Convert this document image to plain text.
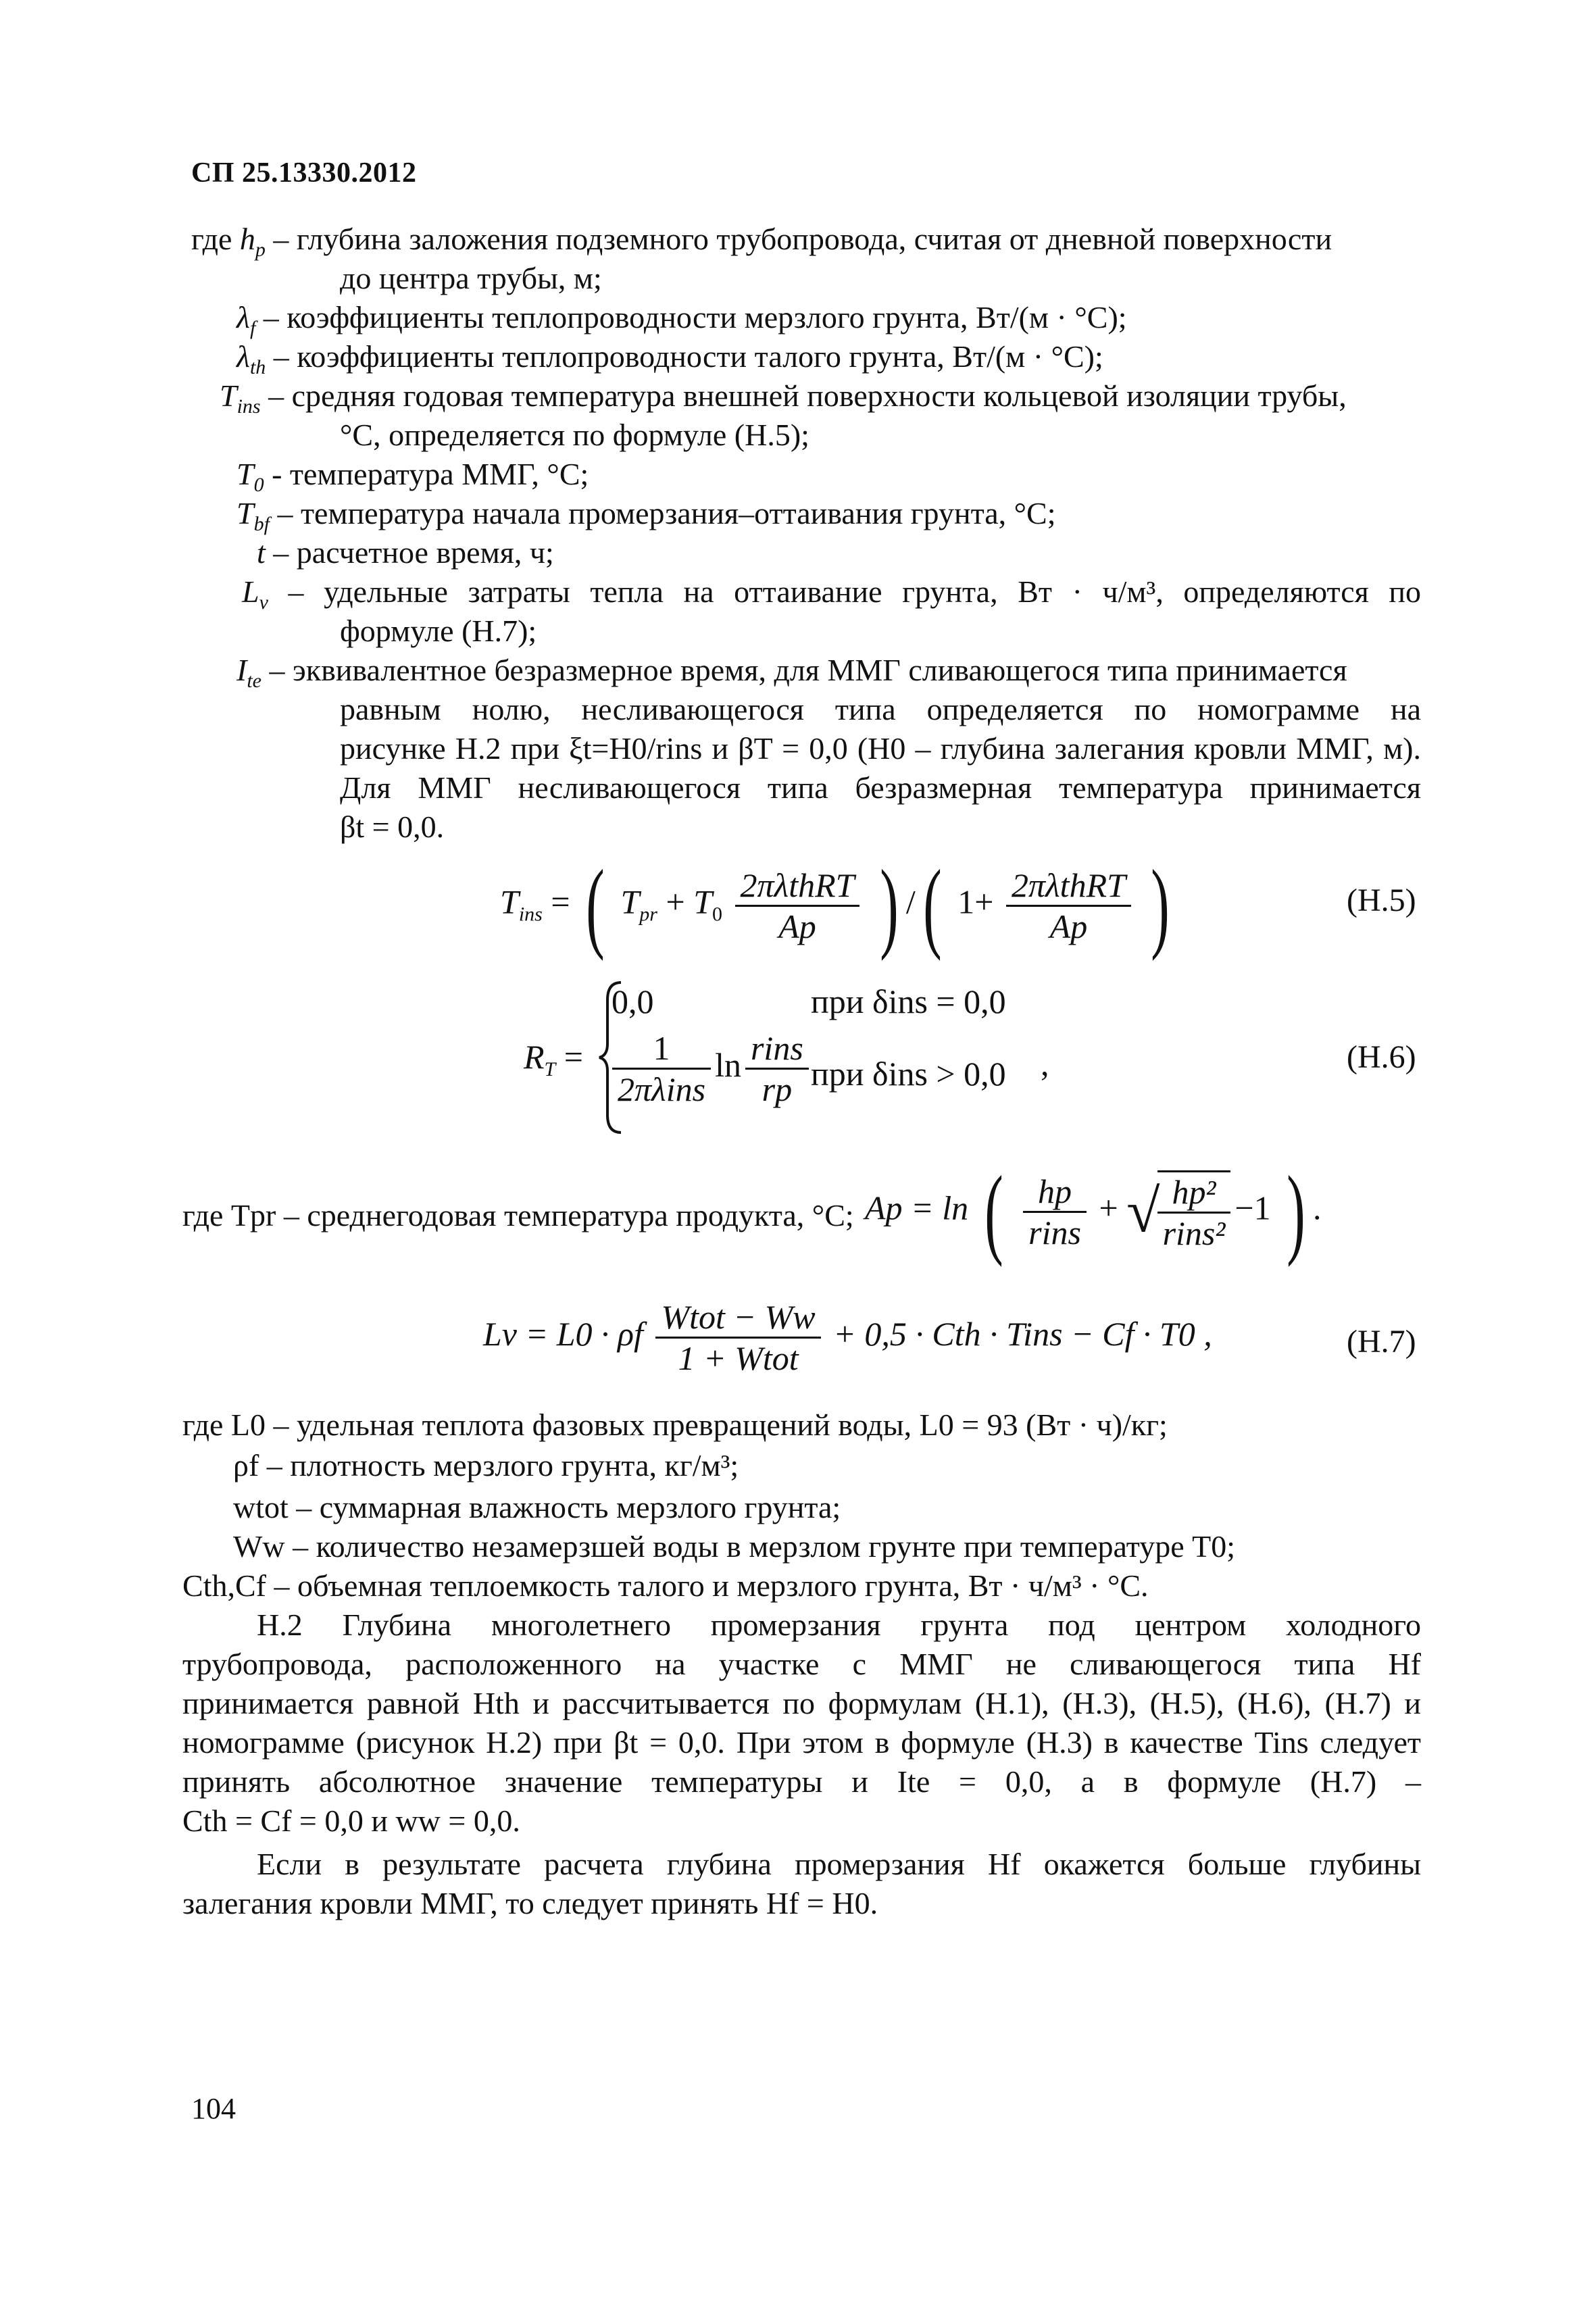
СП 25.13330.2012
где $h_p$ – глубина заложения подземного трубопровода, считая от дневной поверхности
до центра трубы, м;
$\lambda_f$ – коэффициенты теплопроводности мерзлого грунта, Вт/(м · °С);
$\lambda_{th}$ – коэффициенты теплопроводности талого грунта, Вт/(м · °С);
$T_{ins}$ – средняя годовая температура внешней поверхности кольцевой изоляции трубы,
°С, определяется по формуле (Н.5);
$T_0$ - температура ММГ, °С;
$T_{bf}$ – температура начала промерзания–оттаивания грунта, °С;
t – расчетное время, ч;
$L_v$ – удельные затраты тепла на оттаивание грунта, Вт · ч/м³, определяются по
формуле (Н.7);
$I_{te}$ – эквивалентное безразмерное время, для ММГ сливающегося типа принимается
равным нолю, несливающегося типа определяется по номограмме на
рисунке Н.2 при ξt=H0/rins и βT = 0,0 (H0 – глубина залегания кровли ММГ, м).
Для ММГ несливающегося типа безразмерная температура принимается
βt = 0,0.
$T_{ins}$ = ( $T_{pr} + T_0 \frac{\text{2πλthRT}}{Ap}$ ) /( $1+ \frac{\text{2πλthRT}}{Ap}$ )	(Н.5)
$R_T$ =
0,0	при δins = 0,0
$\frac{1}{\text{2πλins}}$ $\ln \frac{\text{rins}}{rp}$ при δins > 0,0 ,	(Н.6)
где Tpr – среднегодовая температура продукта, °С; Ap = ln ( $\frac{hp}{\text{rins}}$ + √
$\frac{\text{hp²}}{\text{rins²}} -1$ ) .
Lv = L0 · ρf $\frac{\text{Wtot − Ww}}{\text{1 + Wtot}} + 0,5$ · Cth · Tins − Cf · T0 ,	(Н.7)
где L0 – удельная теплота фазовых превращений воды, L0 = 93 (Вт · ч)/кг;
ρf – плотность мерзлого грунта, кг/м³;
wtot – суммарная влажность мерзлого грунта;
Ww – количество незамерзшей воды в мерзлом грунте при температуре T0;
Cth,Cf – объемная теплоемкость талого и мерзлого грунта, Вт · ч/м³ · °С.
Н.2 Глубина многолетнего промерзания грунта под центром холодного
трубопровода, расположенного на участке с ММГ не сливающегося типа Hf
принимается равной Hth и рассчитывается по формулам (Н.1), (Н.3), (Н.5), (Н.6), (Н.7) и
номограмме (рисунок Н.2) при βt = 0,0. При этом в формуле (Н.3) в качестве Tins следует
принять абсолютное значение температуры и Ite = 0,0, а в формуле (Н.7) –
Cth = Cf = 0,0 и ww = 0,0.
Если в результате расчета глубина промерзания Hf окажется больше глубины
залегания кровли ММГ, то следует принять Hf = H0.
104
